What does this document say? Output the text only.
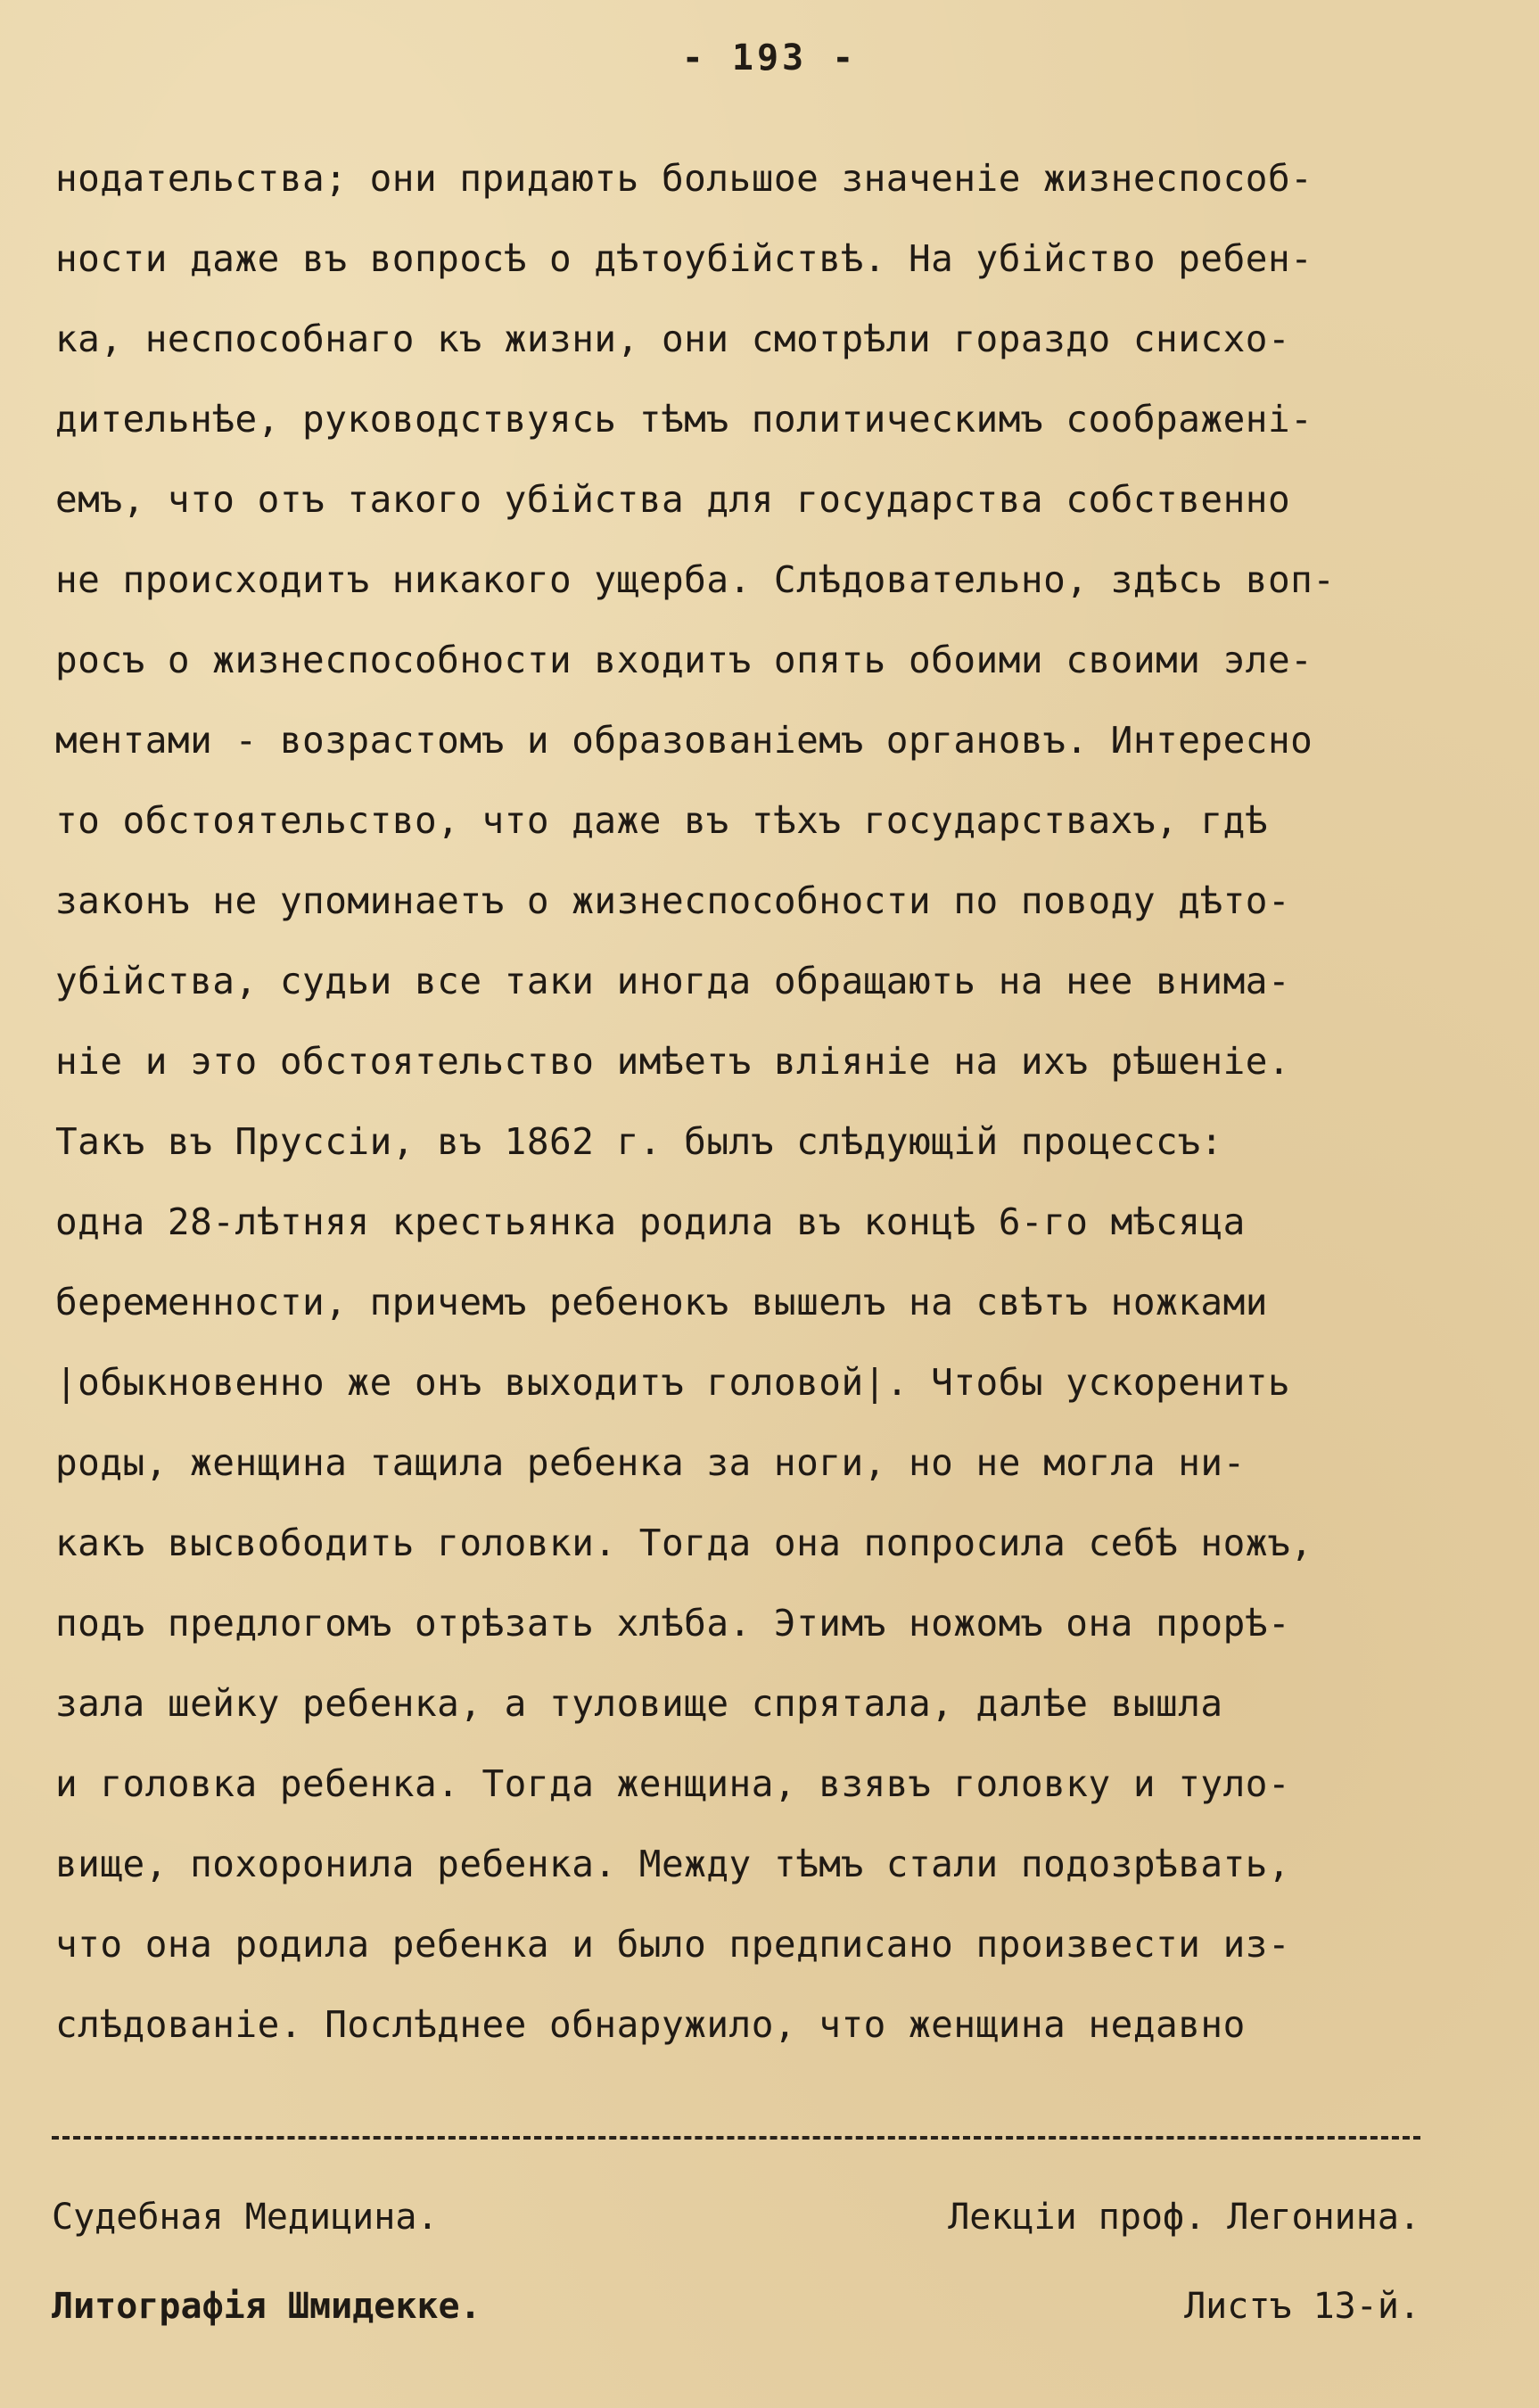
- 193 -
нодательства; они придають большое значеніе жизнеспособ-
ности даже въ вопросѣ о дѣтоубійствѣ. На убійство ребен-
ка, неспособнаго къ жизни, они смотрѣли гораздо снисхо-
дительнѣе, руководствуясь тѣмъ политическимъ соображені-
емъ, что отъ такого убійства для государства собственно
не происходитъ никакого ущерба. Слѣдовательно, здѣсь воп-
росъ о жизнеспособности входитъ опять обоими своими эле-
ментами - возрастомъ и образованіемъ органовъ. Интересно
то обстоятельство, что даже въ тѣхъ государствахъ, гдѣ
законъ не упоминаетъ о жизнеспособности по поводу дѣто-
убійства, судьи все таки иногда обращають на нее внима-
ніе и это обстоятельство имѣетъ вліяніе на ихъ рѣшеніе.
Такъ въ Пруссіи, въ 1862 г. былъ слѣдующій процессъ:
одна 28-лѣтняя крестьянка родила въ концѣ 6-го мѣсяца
беременности, причемъ ребенокъ вышелъ на свѣтъ ножками
|обыкновенно же онъ выходитъ головой|. Чтобы ускоренить
роды, женщина тащила ребенка за ноги, но не могла ни-
какъ высвободить головки. Тогда она попросила себѣ ножъ,
подъ предлогомъ отрѣзать хлѣба. Этимъ ножомъ она прорѣ-
зала шейку ребенка, а туловище спрятала, далѣе вышла
и головка ребенка. Тогда женщина, взявъ головку и туло-
вище, похоронила ребенка. Между тѣмъ стали подозрѣвать,
что она родила ребенка и было предписано произвести из-
слѣдованіе. Послѣднее обнаружило, что женщина недавно
Судебная Медицина.	Лекціи проф. Легонина.
Литографія Шмидекке.	Листъ 13-й.
